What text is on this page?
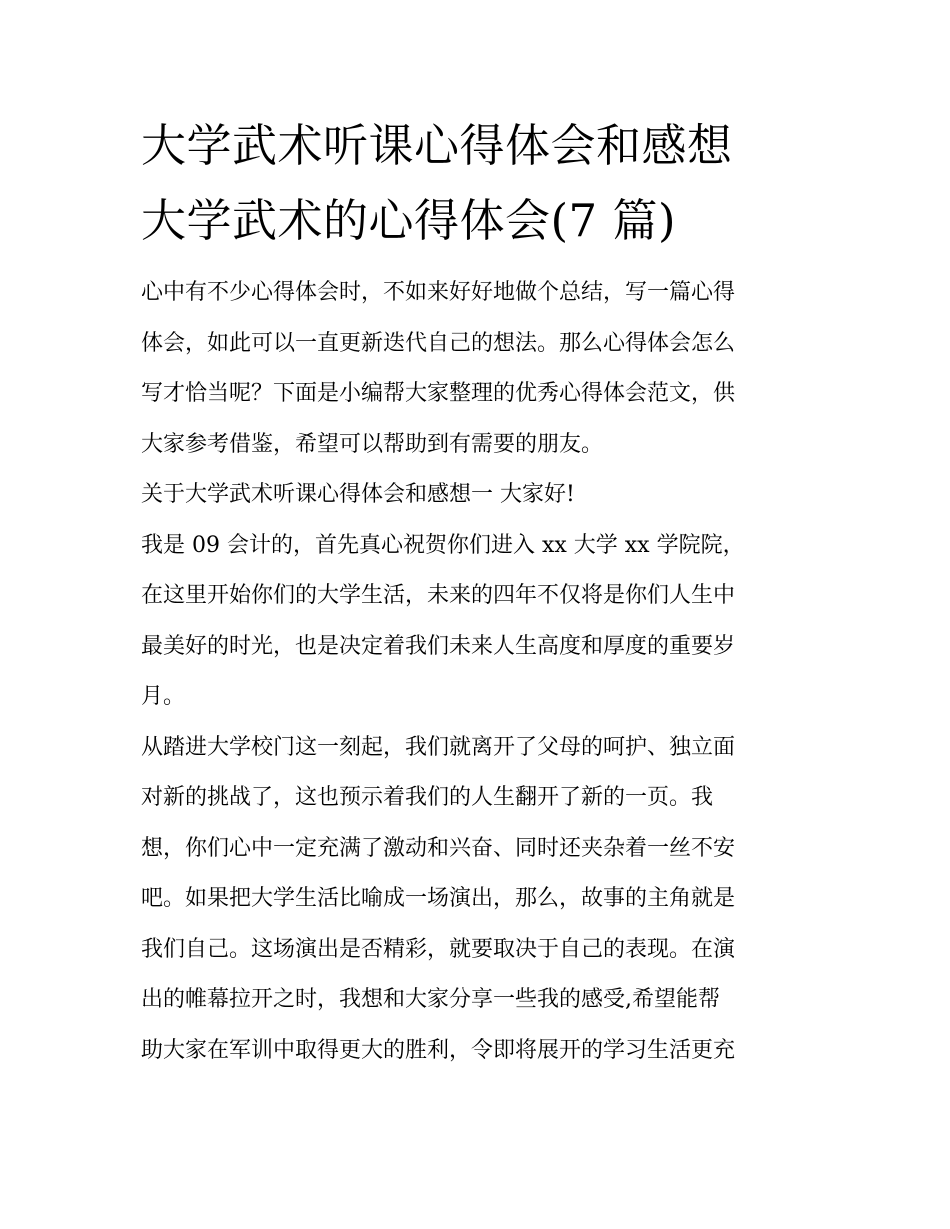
大学武术听课心得体会和感想
大学武术的心得体会(7 篇)

心中有不少心得体会时，不如来好好地做个总结，写一篇心得
体会，如此可以一直更新迭代自己的想法。那么心得体会怎么
写才恰当呢？下面是小编帮大家整理的优秀心得体会范文，供
大家参考借鉴，希望可以帮助到有需要的朋友。

关于大学武术听课心得体会和感想一 大家好!

我是 09 会计的，首先真心祝贺你们进入 xx 大学 xx 学院院，
在这里开始你们的大学生活，未来的四年不仅将是你们人生中
最美好的时光，也是决定着我们未来人生高度和厚度的重要岁
月。

从踏进大学校门这一刻起，我们就离开了父母的呵护、独立面
对新的挑战了，这也预示着我们的人生翻开了新的一页。我
想，你们心中一定充满了激动和兴奋、同时还夹杂着一丝不安
吧。如果把大学生活比喻成一场演出，那么，故事的主角就是
我们自己。这场演出是否精彩，就要取决于自己的表现。在演
出的帷幕拉开之时，我想和大家分享一些我的感受,希望能帮
助大家在军训中取得更大的胜利，令即将展开的学习生活更充
